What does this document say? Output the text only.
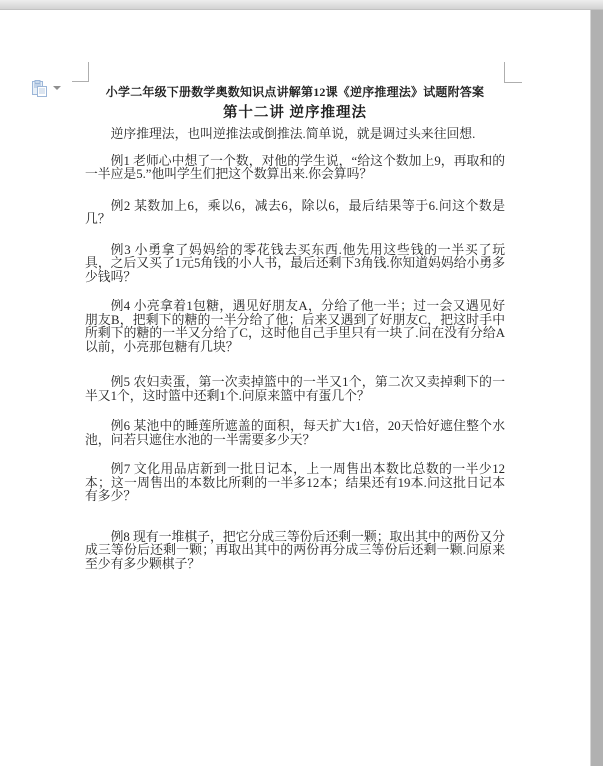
小学二年级下册数学奥数知识点讲解第12课《逆序推理法》试题附答案
第十二讲 逆序推理法

逆序推理法，也叫逆推法或倒推法.简单说，就是调过头来往回想.

例1 老师心中想了一个数，对他的学生说，“给这个数加上9，再取和的一半应是5.”他叫学生们把这个数算出来.你会算吗？

例2 某数加上6，乘以6，减去6，除以6，最后结果等于6.问这个数是几？

例3 小勇拿了妈妈给的零花钱去买东西.他先用这些钱的一半买了玩具，之后又买了1元5角钱的小人书，最后还剩下3角钱.你知道妈妈给小勇多少钱吗？

例4 小亮拿着1包糖，遇见好朋友A，分给了他一半；过一会又遇见好朋友B，把剩下的糖的一半分给了他；后来又遇到了好朋友C，把这时手中所剩下的糖的一半又分给了C，这时他自己手里只有一块了.问在没有分给A以前，小亮那包糖有几块？

例5 农妇卖蛋，第一次卖掉篮中的一半又1个，第二次又卖掉剩下的一半又1个，这时篮中还剩1个.问原来篮中有蛋几个？

例6 某池中的睡莲所遮盖的面积，每天扩大1倍，20天恰好遮住整个水池，问若只遮住水池的一半需要多少天？

例7 文化用品店新到一批日记本，上一周售出本数比总数的一半少12本；这一周售出的本数比所剩的一半多12本；结果还有19本.问这批日记本有多少？

例8 现有一堆棋子，把它分成三等份后还剩一颗；取出其中的两份又分成三等份后还剩一颗；再取出其中的两份再分成三等份后还剩一颗.问原来至少有多少颗棋子？
